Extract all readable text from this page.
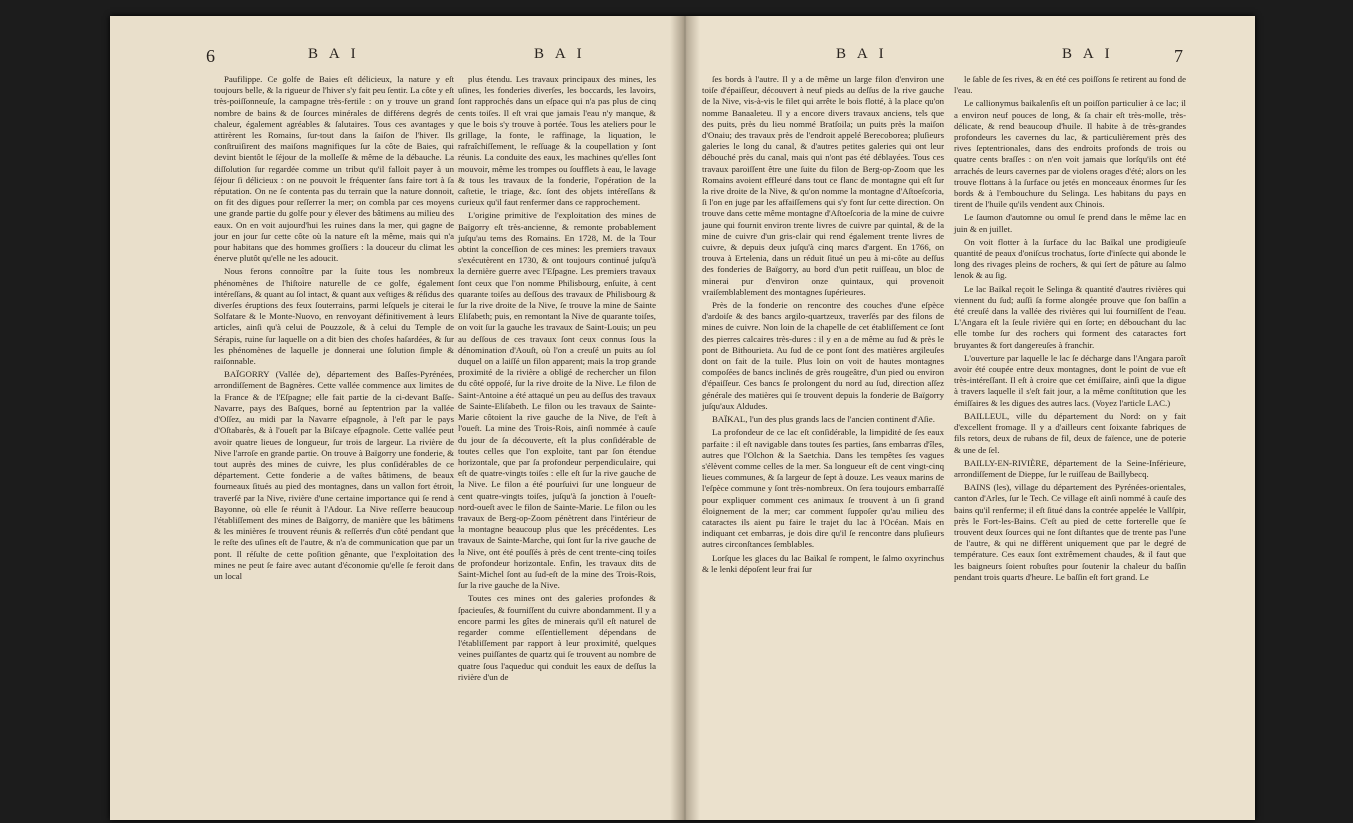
6	B A I	B A I

Paufilippe. Ce golfe de Baies eſt délicieux, la nature y eſt toujours belle, & la rigueur de l'hiver s'y fait peu ſentir. La côte y eſt très-poiſſonneuſe, la campagne très-fertile : on y trouve un grand nombre de bains & de ſources minérales de différens degrés de chaleur, également agréables & ſalutaires. Tous ces avantages y attirèrent les Romains, ſur-tout dans la ſaiſon de l'hiver. Ils conſtruiſirent des maiſons magnifiques ſur la côte de Baies, qui devint bientôt le ſéjour de la molleſſe & même de la débauche. La diſſolution ſur regardée comme un tribut qu'il falloit payer à un ſéjour ſi délicieux : on ne pouvoit le fréquenter ſans faire tort à ſa réputation. On ne ſe contenta pas du terrain que la nature donnoit, on fit des digues pour reſſerrer la mer; on combla par ces moyens une grande partie du golfe pour y élever des bâtimens au milieu des eaux. On en voit aujourd'hui les ruines dans la mer, qui gagne de jour en jour ſur cette côte où la nature eſt la même, mais qui n'a pour habitans que des hommes groſſiers : la douceur du climat les énerve plutôt qu'elle ne les adoucit.

Nous ferons connoître par la ſuite tous les nombreux phénomènes de l'hiſtoire naturelle de ce golfe, également intéreſſans, & quant au ſol intact, & quant aux veſtiges & réſidus des diverſes éruptions des feux ſouterrains, parmi leſquels je citerai le Solfatare & le Monte-Nuovo, en renvoyant définitivement à leurs articles, ainſi qu'à celui de Pouzzole, & à celui du Temple de Sérapis, ruine ſur laquelle on a dit bien des choſes haſardées, & ſur les phénomènes de laquelle je donnerai une ſolution ſimple & raiſonnable.

BAÏGORRY (Vallée de), département des Baſſes-Pyrénées, arrondiſſement de Bagnères. Cette vallée commence aux limites de la France & de l'Eſpagne; elle fait partie de la ci-devant Baſſe-Navarre, pays des Baſques, borné au ſeptentrion par la vallée d'Oſſez, au midi par la Navarre eſpagnole, à l'eſt par le pays d'Oſtabarès, & à l'oueſt par la Biſcaye eſpagnole. Cette vallée peut avoir quatre lieues de longueur, ſur trois de largeur. La rivière de Nive l'arroſe en grande partie. On trouve à Baïgorry une fonderie, & tout auprès des mines de cuivre, les plus conſidérables de ce département. Cette fonderie a de vaſtes bâtimens, de beaux fourneaux ſitués au pied des montagnes, dans un vallon fort étroit, traverſé par la Nive, rivière d'une certaine importance qui ſe rend à Bayonne, où elle ſe réunit à l'Adour. La Nive reſſerre beaucoup l'établiſſement des mines de Baïgorry, de manière que les bâtimens & les minières ſe trouvent réunis & reſſerrés d'un côté pendant que le reſte des uſines eſt de l'autre, & n'a de communication que par un pont. Il réſulte de cette poſition gênante, que l'exploitation des mines ne peut ſe faire avec autant d'économie qu'elle ſe feroit dans un local

plus étendu. Les travaux principaux des mines, les uſines, les fonderies diverſes, les boccards, les lavoirs, ſont rapprochés dans un eſpace qui n'a pas plus de cinq cents toiſes. Il eſt vrai que jamais l'eau n'y manque, & que le bois s'y trouve à portée. Tous les ateliers pour le grillage, la fonte, le raffinage, la liquation, le rafraîchiſſement, le reſſuage & la coupellation y ſont réunis. La conduite des eaux, les machines qu'elles ſont mouvoir, même les trompes ou ſoufflets à eau, le lavage & tous les travaux de la fonderie, l'opération de la caſtetie, le triage, &c. ſont des objets intéreſſans & curieux qu'il faut renfermer dans ce rapprochement.

L'origine primitive de l'exploitation des mines de Baïgorry eſt très-ancienne, & remonte probablement juſqu'au tems des Romains. En 1728, M. de la Tour obtint la conceſſion de ces mines: les premiers travaux s'exécutèrent en 1730, & ont toujours continué juſqu'à la dernière guerre avec l'Eſpagne. Les premiers travaux ſont ceux que l'on nomme Philisbourg, enſuite, à cent quarante toiſes au deſſous des travaux de Philisbourg & ſur la rive droite de la Nive, ſe trouve la mine de Sainte Eliſabeth; puis, en remontant la Nive de quarante toiſes, on voit ſur la gauche les travaux de Saint-Louis; un peu au deſſous de ces travaux ſont ceux connus ſous la dénomination d'Aouſt, où l'on a creuſé un puits au ſol duquel on a laiſſé un filon apparent; mais la trop grande proximité de la rivière a obligé de rechercher un filon du côté oppoſé, ſur la rive droite de la Nive. Le filon de Saint-Antoine a été attaqué un peu au deſſus des travaux de Sainte-Eliſabeth. Le filon ou les travaux de Sainte-Marie côtoient la rive gauche de la Nive, de l'eſt à l'oueſt. La mine des Trois-Rois, ainſi nommée à cauſe du jour de ſa découverte, eſt la plus conſidérable de toutes celles que l'on exploite, tant par ſon étendue horizontale, que par ſa profondeur perpendiculaire, qui eſt de quatre-vingts toiſes : elle eſt ſur la rive gauche de la Nive. Le filon a été pourſuivi ſur une longueur de cent quatre-vingts toiſes, juſqu'à ſa jonction à l'oueſt-nord-oueſt avec le filon de Sainte-Marie. Le filon ou les travaux de Berg-op-Zoom pénètrent dans l'intérieur de la montagne beaucoup plus que les précédentes. Les travaux de Sainte-Marche, qui ſont ſur la rive gauche de la Nive, ont été pouſſés à près de cent trente-cinq toiſes de profondeur horizontale. Enfin, les travaux dits de Saint-Michel ſont au ſud-eſt de la mine des Trois-Rois, ſur la rive gauche de la Nive.

Toutes ces mines ont des galeries profondes & ſpacieuſes, & fourniſſent du cuivre abondamment. Il y a encore parmi les gîtes de minerais qu'il eſt naturel de regarder comme eſſentiellement dépendans de l'établiſſement par rapport à leur proximité, quelques veines puiſſantes de quartz qui ſe trouvent au nombre de quatre ſous l'aqueduc qui conduit les eaux de deſſus la rivière d'un de

B A I	B A I	7

ſes bords à l'autre. Il y a de même un large filon d'environ une toiſe d'épaiſſeur, découvert à neuf pieds au deſſus de la rive gauche de la Nive, vis-à-vis le filet qui arrête le bois flotté, à la place qu'on nomme Banaaleteu. Il y a encore divers travaux anciens, tels que des puits, près du lieu nommé Bratſoila; un puits près la maiſon d'Onaiu; des travaux près de l'endroit appelé Berecoborea; pluſieurs galeries le long du canal, & d'autres petites galeries qui ont leur débouché près du canal, mais qui n'ont pas été déblayées. Tous ces travaux paroiſſent être une ſuite du filon de Berg-op-Zoom que les Romains avoient effleuré dans tout ce flanc de montagne qui eſt ſur la rive droite de la Nive, & qu'on nomme la montagne d'Aſtoeſcoria, ſi l'on en juge par les affaiſſemens qui s'y font ſur cette direction. On trouve dans cette même montagne d'Aſtoeſcoria de la mine de cuivre jaune qui fournit environ trente livres de cuivre par quintal, & de la mine de cuivre d'un gris-clair qui rend également trente livres de cuivre, & depuis deux juſqu'à cinq marcs d'argent. En 1766, on trouva à Ertelenia, dans un réduit ſitué un peu à mi-côte au deſſus des fonderies de Baïgorry, au bord d'un petit ruiſſeau, un bloc de minerai pur d'environ onze quintaux, qui provenoit vraiſemblablement des montagnes ſupérieures.

Près de la fonderie on rencontre des couches d'une eſpèce d'ardoiſe & des bancs argilo-quartzeux, traverſés par des filons de mines de cuivre. Non loin de la chapelle de cet établiſſement ce ſont des pierres calcaires très-dures : il y en a de même au ſud & près le pont de Bithourieta. Au ſud de ce pont ſont des matières argileuſes dont on fait de la tuile. Plus loin on voit de hautes montagnes compoſées de bancs inclinés de grès rougeâtre, d'un pied ou environ d'épaiſſeur. Ces bancs ſe prolongent du nord au ſud, direction aſſez générale des matières qui ſe trouvent depuis la fonderie de Baïgorry juſqu'aux Aldudes.

BAÏKAL, l'un des plus grands lacs de l'ancien continent d'Aſie.

La profondeur de ce lac eſt conſidérable, la limpidité de ſes eaux parfaite : il eſt navigable dans toutes ſes parties, ſans embarras d'îles, autres que l'Olchon & la Saetchia. Dans les tempêtes ſes vagues s'élèvent comme celles de la mer. Sa longueur eſt de cent vingt-cinq lieues communes, & ſa largeur de ſept à douze. Les veaux marins de l'eſpèce commune y ſont très-nombreux. On ſera toujours embarraſſé pour expliquer comment ces animaux ſe trouvent à un ſi grand éloignement de la mer; car comment ſuppoſer qu'au milieu des cataractes ils aient pu faire le trajet du lac à l'Océan. Mais en indiquant cet embarras, je dois dire qu'il ſe rencontre dans pluſieurs autres circonſtances ſemblables.

Lorſque les glaces du lac Baïkal ſe rompent, le ſalmo oxyrinchus & le lenki dépoſent leur frai ſur

le ſable de ſes rives, & en été ces poiſſons ſe retirent au fond de l'eau.

Le callionymus baikalenſis eſt un poiſſon particulier à ce lac; il a environ neuf pouces de long, & ſa chair eſt très-molle, très-délicate, & rend beaucoup d'huile. Il habite à de très-grandes profondeurs les cavernes du lac, & particulièrement près des rives ſeptentrionales, dans des endroits profonds de trois ou quatre cents braſſes : on n'en voit jamais que lorſqu'ils ont été arrachés de leurs cavernes par de violens orages d'été; alors on les trouve flottans à la ſurface ou jetés en monceaux énormes ſur ſes bords & à l'embouchure du Selinga. Les habitans du pays en tirent de l'huile qu'ils vendent aux Chinois.

Le ſaumon d'automne ou omul ſe prend dans le même lac en juin & en juillet.

On voit flotter à la ſurface du lac Baïkal une prodigieuſe quantité de peaux d'oniſcus trochatus, ſorte d'inſecte qui abonde le long des rivages pleins de rochers, & qui ſert de pâture au ſalmo lenok & au ſig.

Le lac Baïkal reçoit le Selinga & quantité d'autres rivières qui viennent du ſud; auſſi ſa forme alongée prouve que ſon baſſin a été creuſé dans la vallée des rivières qui lui fourniſſent de l'eau. L'Angara eſt la ſeule rivière qui en ſorte; en débouchant du lac elle tombe ſur des rochers qui forment des cataractes fort bruyantes & fort dangereuſes à franchir.

L'ouverture par laquelle le lac ſe décharge dans l'Angara paroît avoir été coupée entre deux montagnes, dont le point de vue eſt très-intéreſſant. Il eſt à croire que cet émiſſaire, ainſi que la digue à travers laquelle il s'eſt fait jour, a la même conſtitution que les émiſſaires & les digues des autres lacs. (Voyez l'article LAC.)

BAILLEUL, ville du département du Nord: on y fait d'excellent fromage. Il y a d'ailleurs cent ſoixante fabriques de fils retors, deux de rubans de fil, deux de faïence, une de poterie & une de ſel.

BAILLY-EN-RIVIÈRE, département de la Seine-Inférieure, arrondiſſement de Dieppe, ſur le ruiſſeau de Baillybecq.

BAINS (les), village du département des Pyrénées-orientales, canton d'Arles, ſur le Tech. Ce village eſt ainſi nommé à cauſe des bains qu'il renferme; il eſt ſitué dans la contrée appelée le Vallſpir, près le Fort-les-Bains. C'eſt au pied de cette forterelle que ſe trouvent deux ſources qui ne ſont diſtantes que de trente pas l'une de l'autre, & qui ne diffèrent uniquement que par le degré de température. Ces eaux ſont extrêmement chaudes, & il faut que les baigneurs ſoient robuſtes pour ſoutenir la chaleur du baſſin pendant trois quarts d'heure. Le baſſin eſt fort grand. Le
